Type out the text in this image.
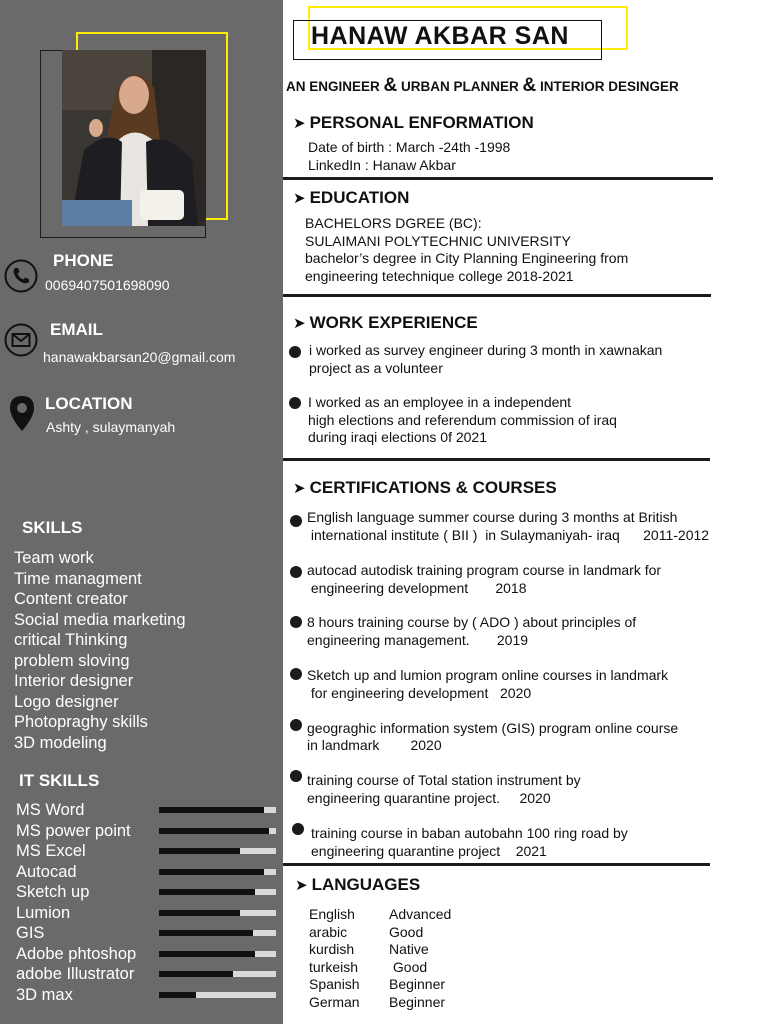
PHONE
0069407501698090
EMAIL
hanawakbarsan20@gmail.com
LOCATION
Ashty , sulaymanyah
SKILLS
Team work
Time managment
Content creator
Social media marketing
critical Thinking
problem sloving
Interior designer
Logo designer
Photopraghy skills
3D modeling
IT SKILLS
MS Word
MS power point
MS Excel
Autocad
Sketch up
Lumion
GIS
Adobe phtoshop
adobe Illustrator
3D max
HANAW AKBAR SAN
AN ENGINEER & URBAN PLANNER & INTERIOR DESINGER
➤ PERSONAL ENFORMATION
Date of birth : March -24th -1998
LinkedIn : Hanaw Akbar
➤ EDUCATION
BACHELORS DGREE (BC):
SULAIMANI POLYTECHNIC UNIVERSITY
bachelor’s degree in City Planning Engineering from
engineering tetechnique college 2018-2021
➤ WORK EXPERIENCE
i worked as survey engineer during 3 month in xawnakan
project as a volunteer
I worked as an employee in a independent
high elections and referendum commission of iraq
during iraqi elections 0f 2021
➤ CERTIFICATIONS & COURSES
English language summer course during 3 months at British
international institute ( BII )  in Sulaymaniyah- iraq      2011-2012
autocad autodisk training program course in landmark for
engineering development       2018
8 hours training course by ( ADO ) about principles of
engineering management.       2019
Sketch up and lumion program online courses in landmark
for engineering development   2020
geograghic information system (GIS) program online course
in landmark        2020
training course of Total station instrument by
engineering quarantine project.     2020
training course in baban autobahn 100 ring road by
engineering quarantine project    2021
➤ LANGUAGES
English	Advanced
arabic	Good
kurdish	Native
turkeish	Good
Spanish	Beginner
German	Beginner
